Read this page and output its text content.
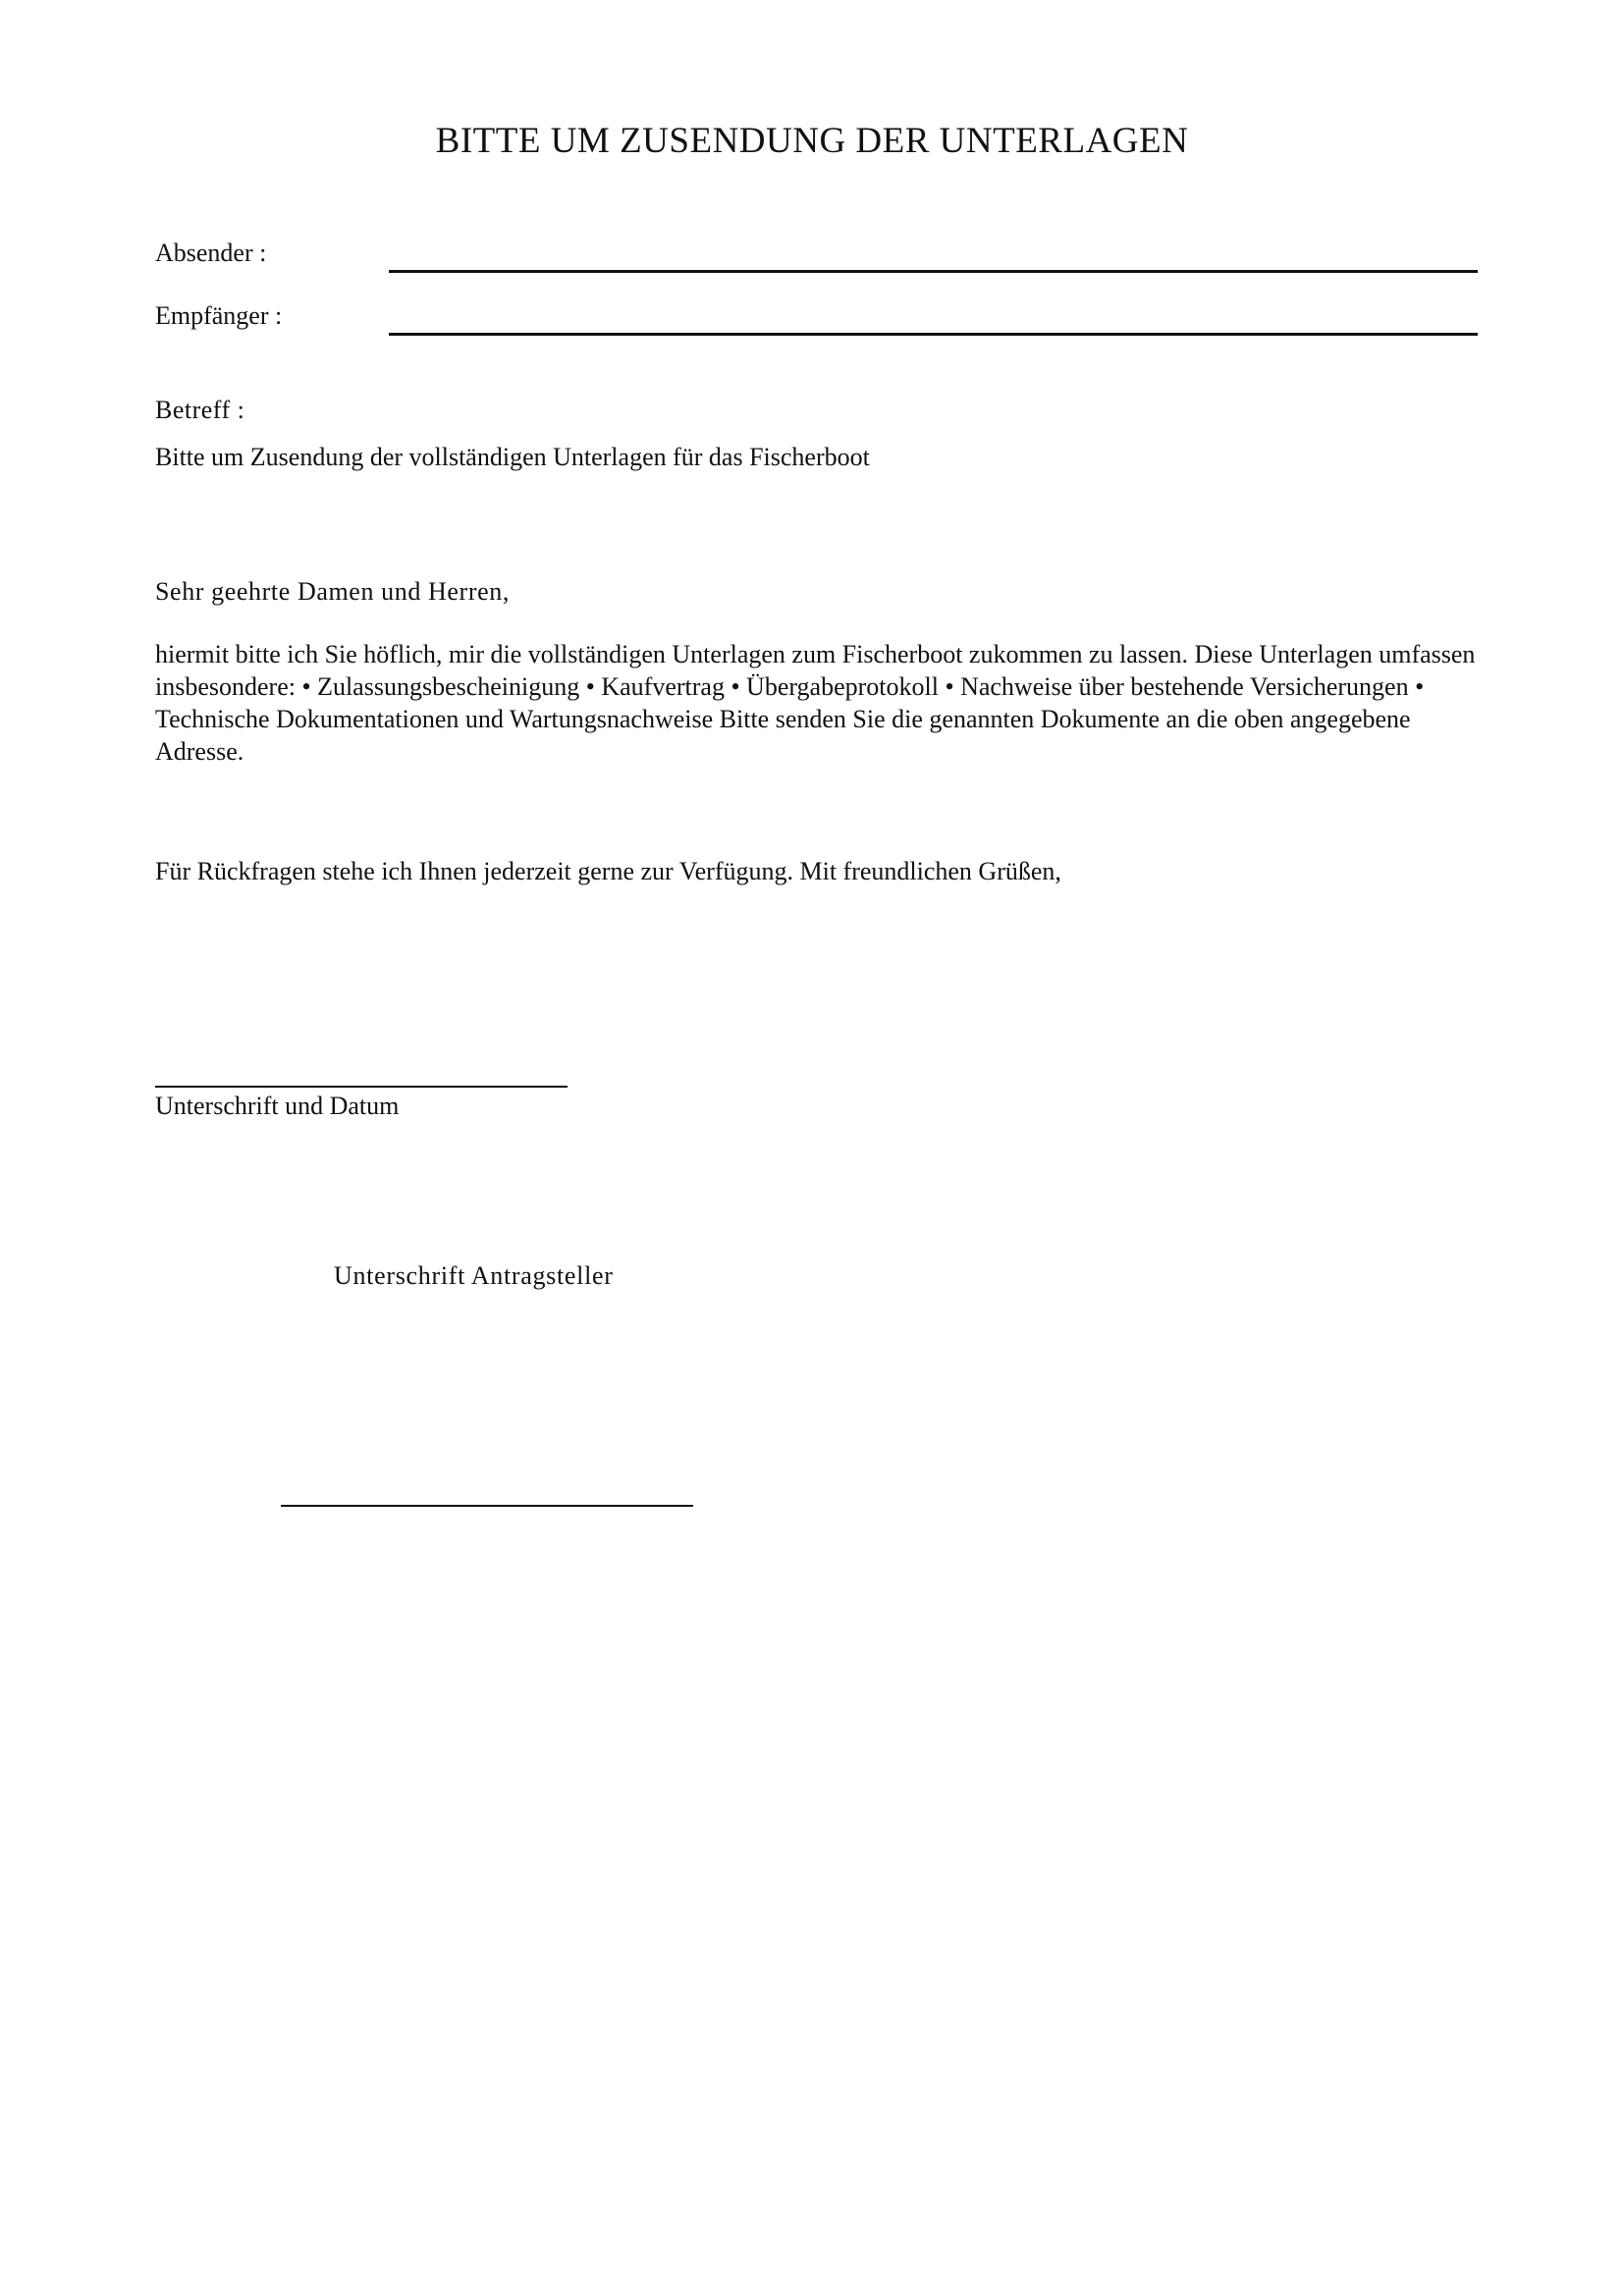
BITTE UM ZUSENDUNG DER UNTERLAGEN
Absender :
Empfänger :
Betreff :
Bitte um Zusendung der vollständigen Unterlagen für das Fischerboot
Sehr geehrte Damen und Herren,
hiermit bitte ich Sie höflich, mir die vollständigen Unterlagen zum Fischerboot zukommen zu lassen. Diese Unterlagen umfassen insbesondere: • Zulassungsbescheinigung • Kaufvertrag • Übergabeprotokoll • Nachweise über bestehende Versicherungen • Technische Dokumentationen und Wartungsnachweise Bitte senden Sie die genannten Dokumente an die oben angegebene Adresse.
Für Rückfragen stehe ich Ihnen jederzeit gerne zur Verfügung. Mit freundlichen Grüßen,
Unterschrift und Datum
Unterschrift Antragsteller
